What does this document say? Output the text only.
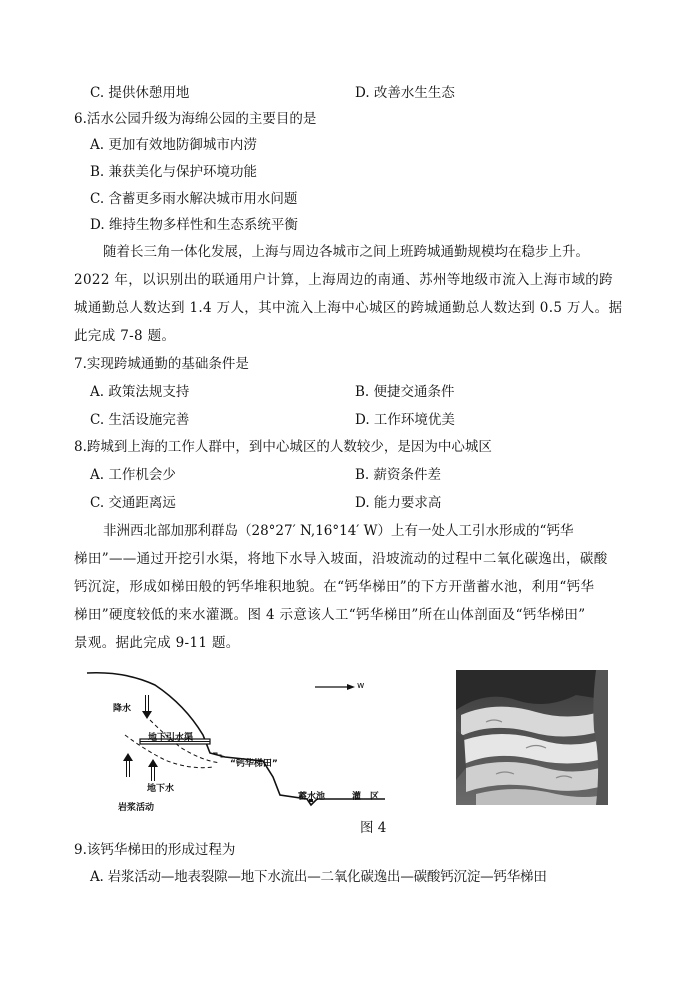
C. 提供休憩用地	D. 改善水生生态
6.活水公园升级为海绵公园的主要目的是
A. 更加有效地防御城市内涝
B. 兼获美化与保护环境功能
C. 含蓄更多雨水解决城市用水问题
D. 维持生物多样性和生态系统平衡
随着长三角一体化发展，上海与周边各城市之间上班跨城通勤规模均在稳步上升。
2022 年，以识别出的联通用户计算，上海周边的南通、苏州等地级市流入上海市域的跨
城通勤总人数达到 1.4 万人，其中流入上海中心城区的跨城通勤总人数达到 0.5 万人。据
此完成 7-8 题。
7.实现跨城通勤的基础条件是
A. 政策法规支持	B. 便捷交通条件
C. 生活设施完善	D. 工作环境优美
8.跨城到上海的工作人群中，到中心城区的人数较少，是因为中心城区
A. 工作机会少	B. 薪资条件差
C. 交通距离远	D. 能力要求高
非洲西北部加那利群岛（28°27′ N,16°14′ W）上有一处人工引水形成的“钙华
梯田”——通过开挖引水渠，将地下水导入坡面，沿坡流动的过程中二氧化碳逸出，碳酸
钙沉淀，形成如梯田般的钙华堆积地貌。在“钙华梯田”的下方开凿蓄水池，利用“钙华
梯田”硬度较低的来水灌溉。图 4 示意该人工“钙华梯田”所在山体剖面及“钙华梯田”
景观。据此完成 9-11 题。
降水
地下引水渠
“钙华梯田”
地下水
岩浆活动
蓄水池	灌　区
w
图 4
9.该钙华梯田的形成过程为
A. 岩浆活动—地表裂隙—地下水流出—二氧化碳逸出—碳酸钙沉淀—钙华梯田
